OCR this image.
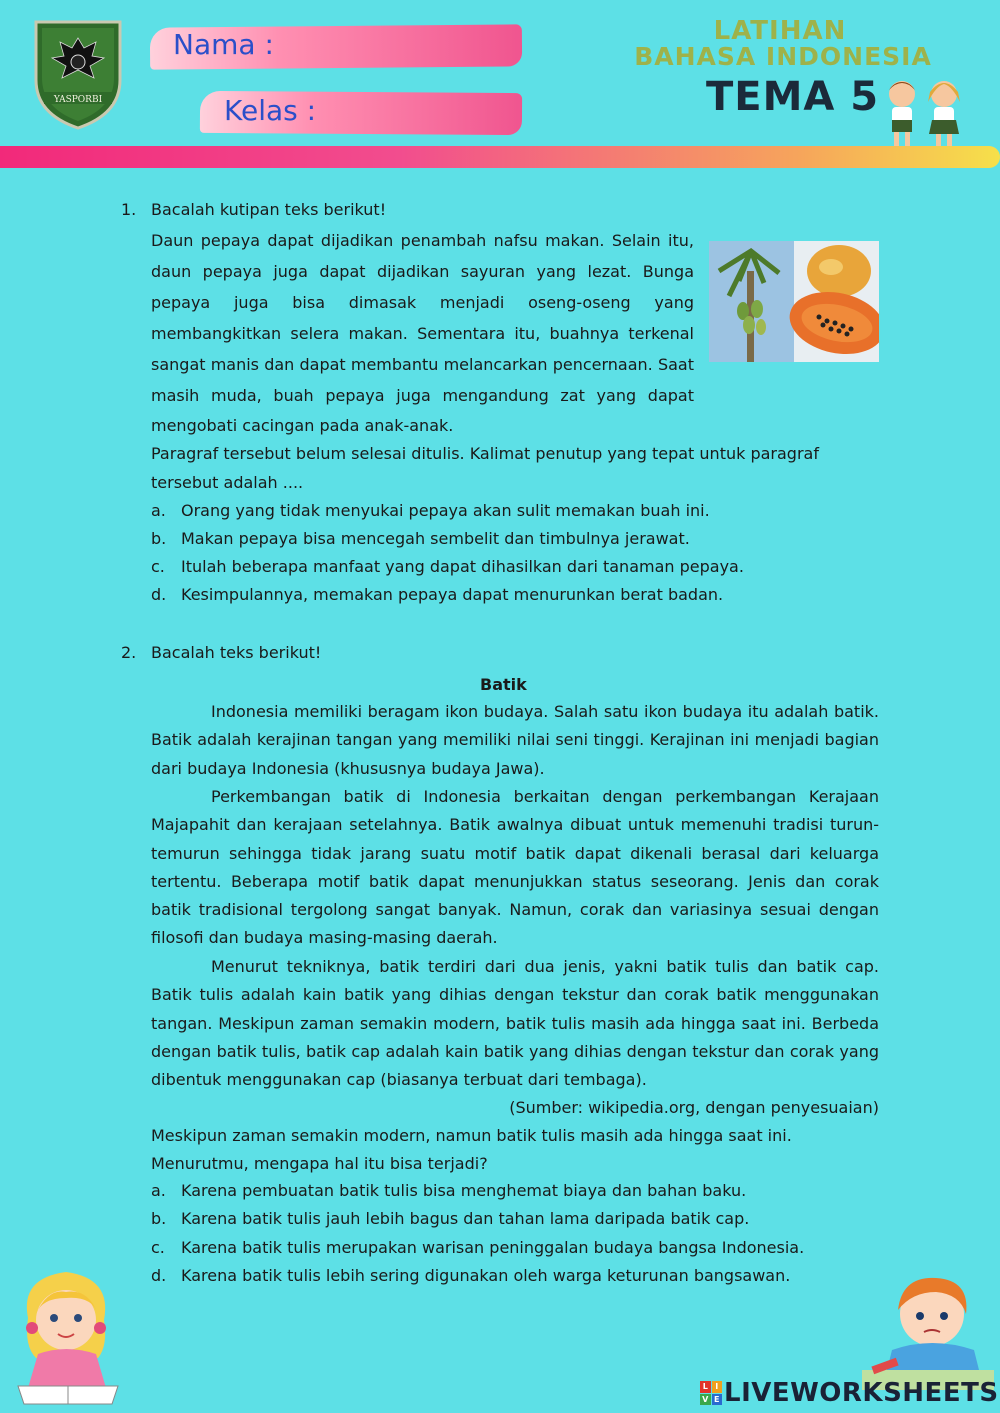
YASPORBI
Nama :
Kelas :
LATIHAN
BAHASA INDONESIA
TEMA 5
1. Bacalah kutipan teks berikut!
Daun pepaya dapat dijadikan penambah nafsu makan. Selain itu,
daun pepaya juga dapat dijadikan sayuran yang lezat. Bunga
pepaya juga bisa dimasak menjadi oseng-oseng yang
membangkitkan selera makan. Sementara itu, buahnya terkenal
sangat manis dan dapat membantu melancarkan pencernaan. Saat
masih muda, buah pepaya juga mengandung zat yang dapat
mengobati cacingan pada anak-anak.
Paragraf tersebut belum selesai ditulis. Kalimat penutup yang tepat untuk paragraf
tersebut adalah ....
a. Orang yang tidak menyukai pepaya akan sulit memakan buah ini.
b. Makan pepaya bisa mencegah sembelit dan timbulnya jerawat.
c. Itulah beberapa manfaat yang dapat dihasilkan dari tanaman pepaya.
d. Kesimpulannya, memakan pepaya dapat menurunkan berat badan.
2. Bacalah teks berikut!
Batik
Indonesia memiliki beragam ikon budaya. Salah satu ikon budaya itu adalah batik. Batik adalah kerajinan tangan yang memiliki nilai seni tinggi. Kerajinan ini menjadi bagian dari budaya Indonesia (khususnya budaya Jawa).
Perkembangan batik di Indonesia berkaitan dengan perkembangan Kerajaan Majapahit dan kerajaan setelahnya. Batik awalnya dibuat untuk memenuhi tradisi turun-temurun sehingga tidak jarang suatu motif batik dapat dikenali berasal dari keluarga tertentu. Beberapa motif batik dapat menunjukkan status seseorang. Jenis dan corak batik tradisional tergolong sangat banyak. Namun, corak dan variasinya sesuai dengan filosofi dan budaya masing-masing daerah.
Menurut tekniknya, batik terdiri dari dua jenis, yakni batik tulis dan batik cap. Batik tulis adalah kain batik yang dihias dengan tekstur dan corak batik menggunakan tangan. Meskipun zaman semakin modern, batik tulis masih ada hingga saat ini. Berbeda dengan batik tulis, batik cap adalah kain batik yang dihias dengan tekstur dan corak yang dibentuk menggunakan cap (biasanya terbuat dari tembaga).
(Sumber: wikipedia.org, dengan penyesuaian)
Meskipun zaman semakin modern, namun batik tulis masih ada hingga saat ini.
Menurutmu, mengapa hal itu bisa terjadi?
a. Karena pembuatan batik tulis bisa menghemat biaya dan bahan baku.
b. Karena batik tulis jauh lebih bagus dan tahan lama daripada batik cap.
c. Karena batik tulis merupakan warisan peninggalan budaya bangsa Indonesia.
d. Karena batik tulis lebih sering digunakan oleh warga keturunan bangsawan.
L I
V E LIVEWORKSHEETS
